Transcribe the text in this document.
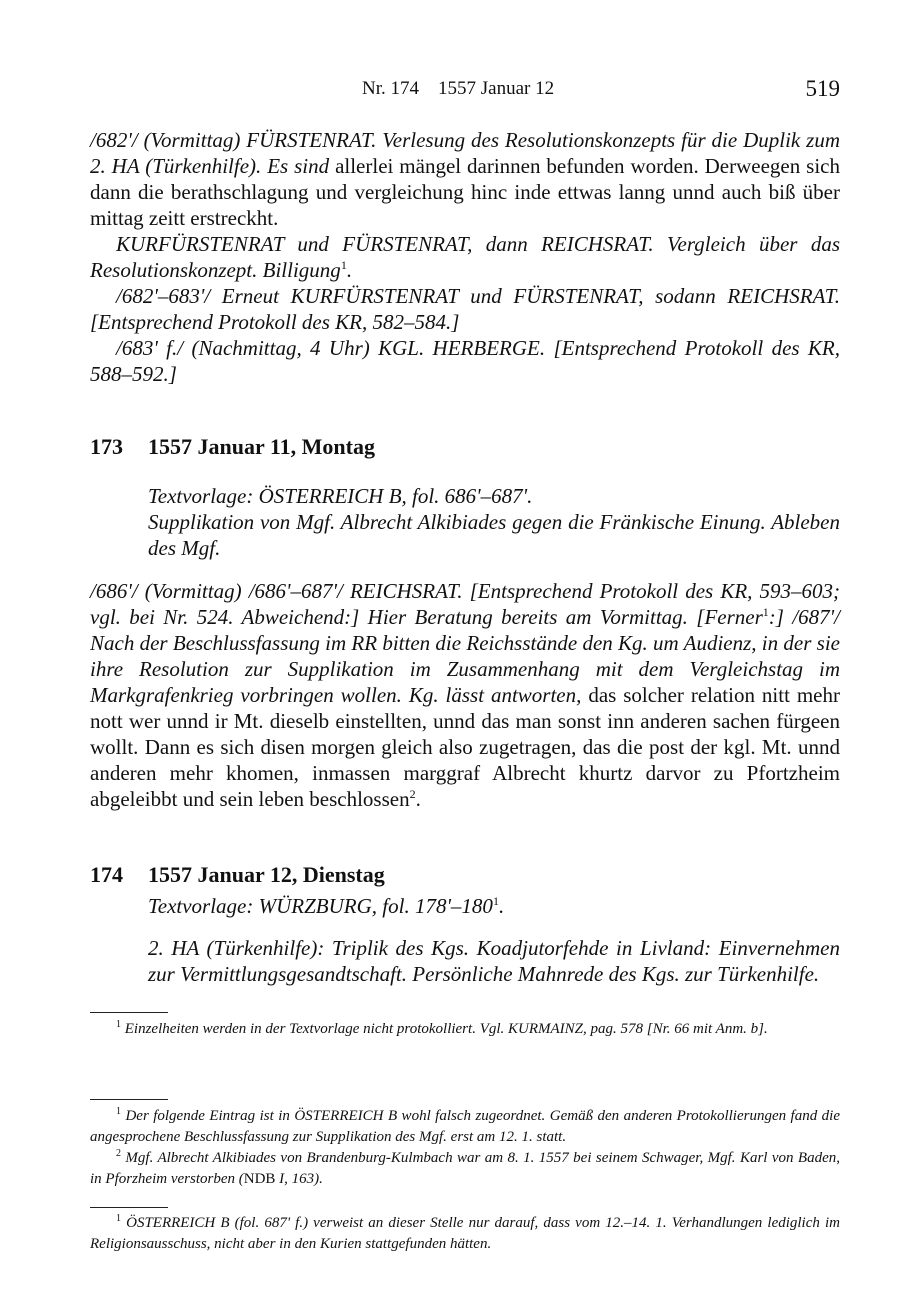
Nr. 174    1557 Januar 12	519

/682'/ (Vormittag) FÜRSTENRAT. Verlesung des Resolutionskonzepts für die Duplik zum 2. HA (Türkenhilfe). Es sind allerlei mängel darinnen befunden worden. Derweegen sich dann die berathschlagung und vergleichung hinc inde ettwas lanng unnd auch biß über mittag zeitt erstreckht.

KURFÜRSTENRAT und FÜRSTENRAT, dann REICHSRAT. Vergleich über das Resolutionskonzept. Billigung$^1$.

/682'–683'/ Erneut KURFÜRSTENRAT und FÜRSTENRAT, sodann REICHSRAT. [Entsprechend Protokoll des KR, 582–584.]

/683' f./ (Nachmittag, 4 Uhr) KGL. HERBERGE. [Entsprechend Protokoll des KR, 588–592.]

173 1557 Januar 11, Montag

Textvorlage: ÖSTERREICH B, fol. 686'–687'.

Supplikation von Mgf. Albrecht Alkibiades gegen die Fränkische Einung. Ableben des Mgf.

/686'/ (Vormittag) /686'–687'/ REICHSRAT. [Entsprechend Protokoll des KR, 593–603; vgl. bei Nr. 524. Abweichend:] Hier Beratung bereits am Vormittag. [Ferner$^1$:] /687'/ Nach der Beschlussfassung im RR bitten die Reichsstände den Kg. um Audienz, in der sie ihre Resolution zur Supplikation im Zusammenhang mit dem Vergleichstag im Markgrafenkrieg vorbringen wollen. Kg. lässt antworten, das solcher relation nitt mehr nott wer unnd ir Mt. dieselb einstellten, unnd das man sonst inn anderen sachen fürgeen wollt. Dann es sich disen morgen gleich also zugetragen, das die post der kgl. Mt. unnd anderen mehr khomen, inmassen marggraf Albrecht khurtz darvor zu Pfortzheim abgeleibbt und sein leben beschlossen$^2$.

174 1557 Januar 12, Dienstag

Textvorlage: WÜRZBURG, fol. $178'-180^1$.

2. HA (Türkenhilfe): Triplik des Kgs. Koadjutorfehde in Livland: Einvernehmen zur Vermittlungsgesandtschaft. Persönliche Mahnrede des Kgs. zur Türkenhilfe.

$^1$ Einzelheiten werden in der Textvorlage nicht protokolliert. Vgl. KURMAINZ, pag. 578 [Nr. 66 mit Anm. b].

$^1$ Der folgende Eintrag ist in ÖSTERREICH B wohl falsch zugeordnet. Gemäß den anderen Protokollierungen fand die angesprochene Beschlussfassung zur Supplikation des Mgf. erst am 12. 1. statt.

$^2$ Mgf. Albrecht Alkibiades von Brandenburg-Kulmbach war am 8. 1. 1557 bei seinem Schwager, Mgf. Karl von Baden, in Pforzheim verstorben (NDB I, 163).

$^1$ ÖSTERREICH B (fol. 687' f.) verweist an dieser Stelle nur darauf, dass vom 12.–14. 1. Verhandlungen lediglich im Religionsausschuss, nicht aber in den Kurien stattgefunden hätten.
